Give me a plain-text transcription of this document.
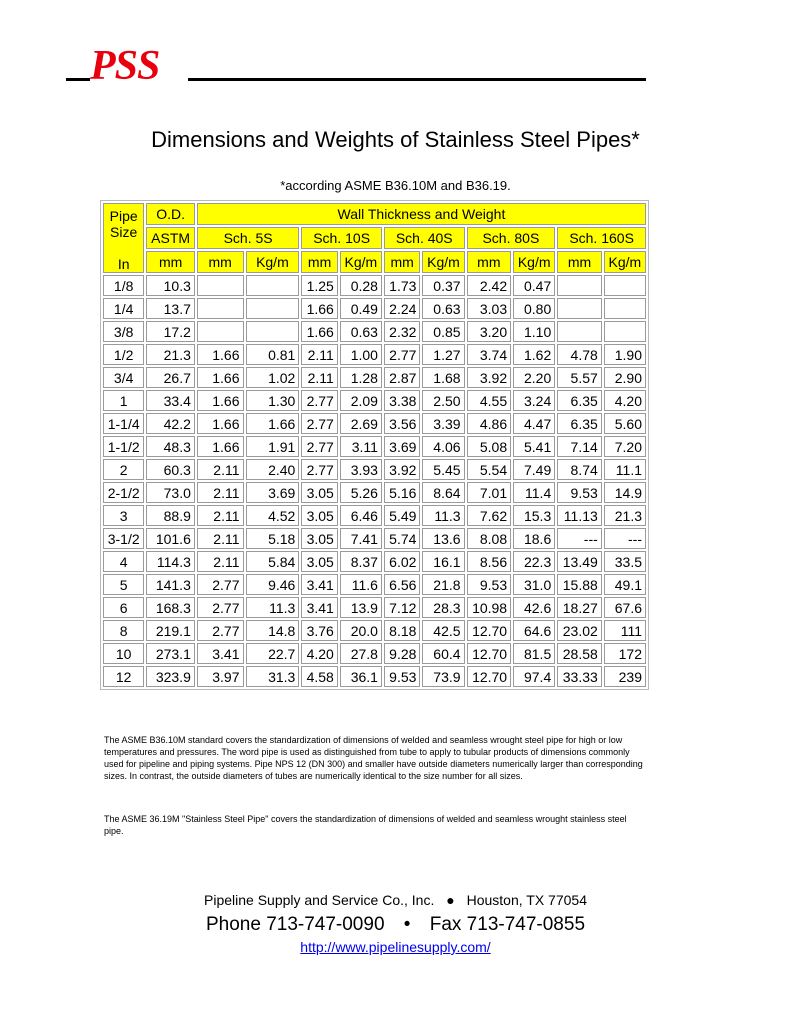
PSS
Dimensions and Weights of Stainless Steel Pipes*
*according ASME B36.10M and B36.19.
Pipe
Size
In	O.D.	Wall Thickness and Weight									
	ASTM	Sch. 5S		Sch. 10S		Sch. 40S		Sch. 80S		Sch. 160S	
	mm	mm	Kg/m	mm	Kg/m	mm	Kg/m	mm	Kg/m	mm	Kg/m
1/8	10.3			1.25	0.28	1.73	0.37	2.42	0.47		
1/4	13.7			1.66	0.49	2.24	0.63	3.03	0.80		
3/8	17.2			1.66	0.63	2.32	0.85	3.20	1.10		
1/2	21.3	1.66	0.81	2.11	1.00	2.77	1.27	3.74	1.62	4.78	1.90
3/4	26.7	1.66	1.02	2.11	1.28	2.87	1.68	3.92	2.20	5.57	2.90
1	33.4	1.66	1.30	2.77	2.09	3.38	2.50	4.55	3.24	6.35	4.20
1-1/4	42.2	1.66	1.66	2.77	2.69	3.56	3.39	4.86	4.47	6.35	5.60
1-1/2	48.3	1.66	1.91	2.77	3.11	3.69	4.06	5.08	5.41	7.14	7.20
2	60.3	2.11	2.40	2.77	3.93	3.92	5.45	5.54	7.49	8.74	11.1
2-1/2	73.0	2.11	3.69	3.05	5.26	5.16	8.64	7.01	11.4	9.53	14.9
3	88.9	2.11	4.52	3.05	6.46	5.49	11.3	7.62	15.3	11.13	21.3
3-1/2	101.6	2.11	5.18	3.05	7.41	5.74	13.6	8.08	18.6	---	---
4	114.3	2.11	5.84	3.05	8.37	6.02	16.1	8.56	22.3	13.49	33.5
5	141.3	2.77	9.46	3.41	11.6	6.56	21.8	9.53	31.0	15.88	49.1
6	168.3	2.77	11.3	3.41	13.9	7.12	28.3	10.98	42.6	18.27	67.6
8	219.1	2.77	14.8	3.76	20.0	8.18	42.5	12.70	64.6	23.02	111
10	273.1	3.41	22.7	4.20	27.8	9.28	60.4	12.70	81.5	28.58	172
12	323.9	3.97	31.3	4.58	36.1	9.53	73.9	12.70	97.4	33.33	239
The ASME B36.10M standard covers the standardization of dimensions of welded and seamless wrought steel pipe for high or low temperatures and pressures. The word pipe is used as distinguished from tube to apply to tubular products of dimensions commonly used for pipeline and piping systems. Pipe NPS 12 (DN 300) and smaller have outside diameters numerically larger than corresponding sizes. In contrast, the outside diameters of tubes are numerically identical to the size number for all sizes.
The ASME 36.19M "Stainless Steel Pipe" covers the standardization of dimensions of welded and seamless wrought stainless steel pipe.
Pipeline Supply and Service Co., Inc. ● Houston, TX 77054
Phone 713-747-0090 • Fax 713-747-0855
http://www.pipelinesupply.com/
